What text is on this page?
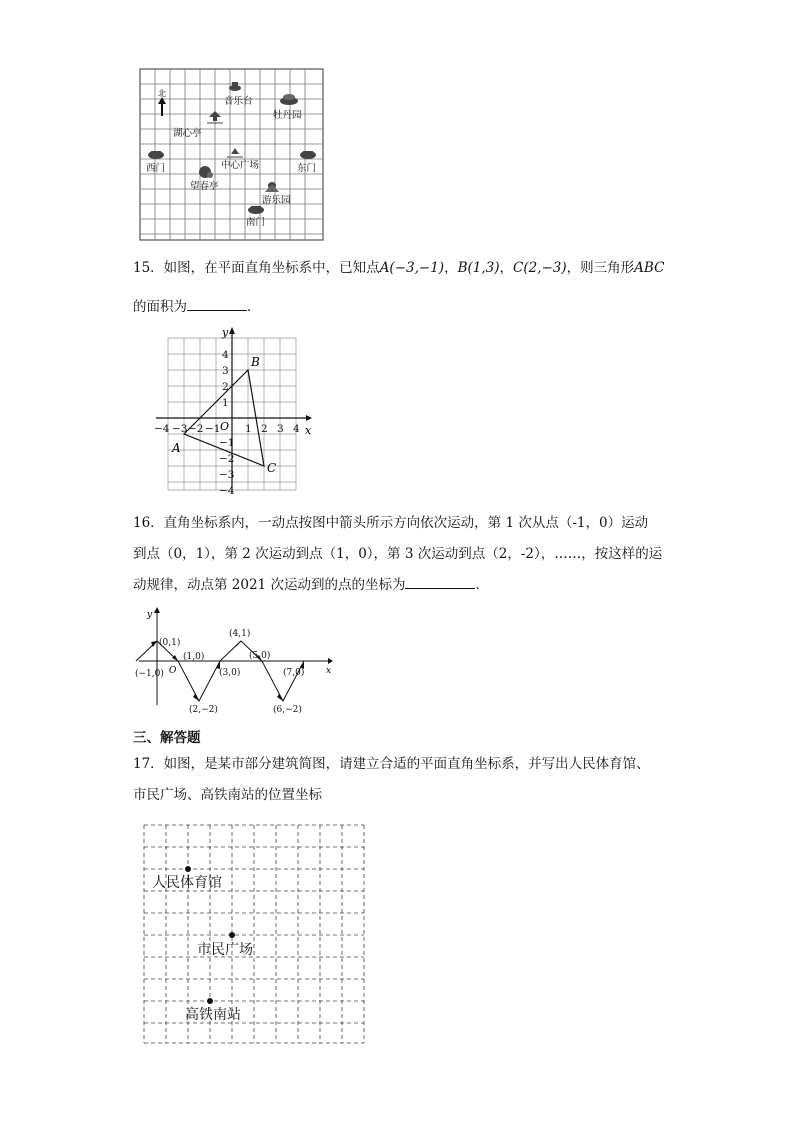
北
音乐台
牡丹园
湖心亭
西门	中心广场	东门
望春亭
游乐园
南门
15．如图，在平面直角坐标系中，已知点A(−3,−1)，B(1,3)，C(2,−3)，则三角形ABC
的面积为	．
y
x
O
−4 −3 −2 −1 1 2 3 4
4
3
2
1
−1
−2
−3
−4
A
B
C
16．直角坐标系内，一动点按图中箭头所示方向依次运动，第 1 次从点（-1，0）运动
到点（0，1），第 2 次运动到点（1，0），第 3 次运动到点（2，-2），……，按这样的运
动规律，动点第 2021 次运动到的点的坐标为	．
y
x
O
(−1,0)
(0,1)
(1,0)
(2,−2)
(3,0)
(4,1)
(5,0)
(6,−2)
(7,0)
三、解答题
17．如图，是某市部分建筑简图，请建立合适的平面直角坐标系，并写出人民体育馆、
市民广场、高铁南站的位置坐标
人民体育馆
市民广场
高铁南站
